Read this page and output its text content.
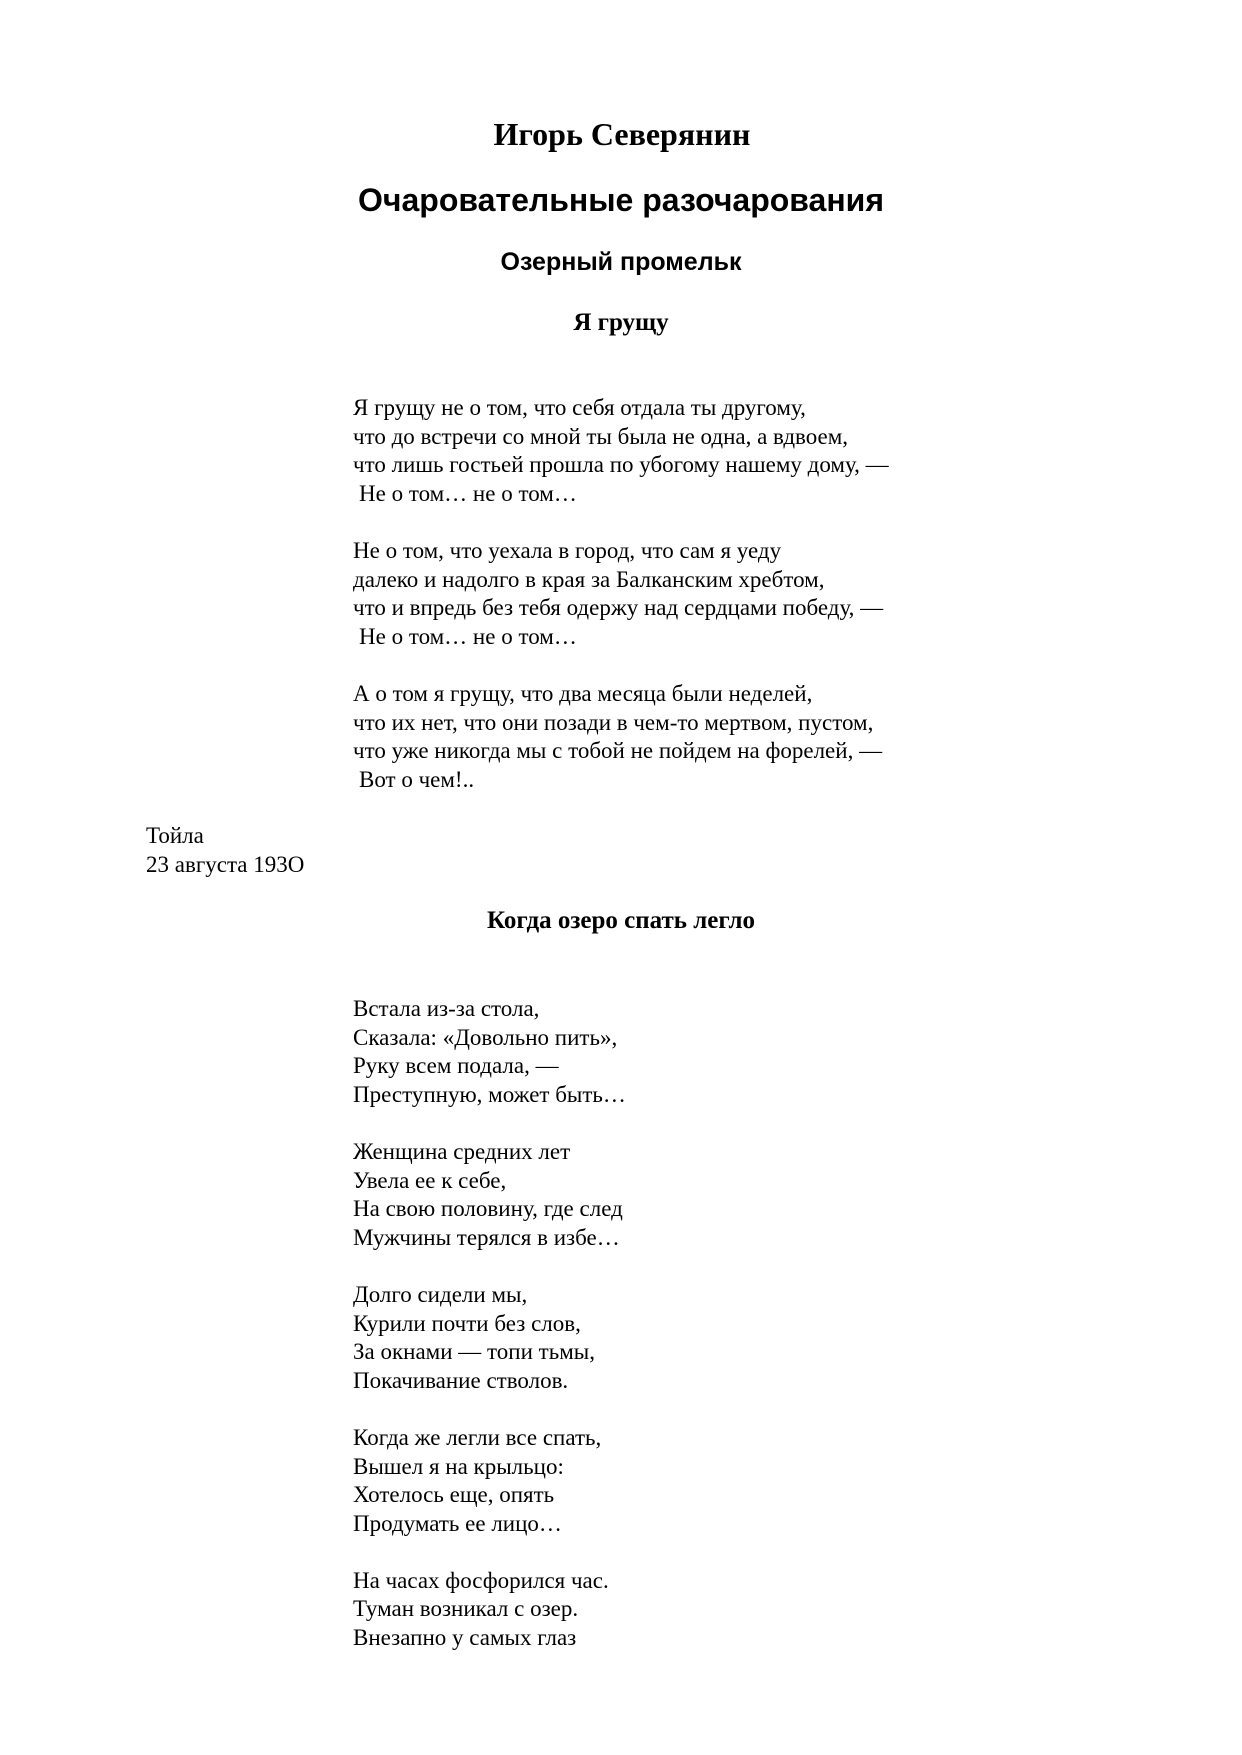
Игорь Северянин
Очаровательные разочарования
Озерный промельк
Я грущу
Я грущу не о том, что себя отдала ты другому,
что до встречи со мной ты была не одна, а вдвоем,
что лишь гостьей прошла по убогому нашему дому, —
Не о том… не о том…
Не о том, что уехала в город, что сам я уеду
далеко и надолго в края за Балканским хребтом,
что и впредь без тебя одержу над сердцами победу, —
Не о том… не о том…
А о том я грущу, что два месяца были неделей,
что их нет, что они позади в чем-то мертвом, пустом,
что уже никогда мы с тобой не пойдем на форелей, —
Вот о чем!..
Тойла
23 августа 193О
Когда озеро спать легло
Встала из-за стола,
Сказала: «Довольно пить»,
Руку всем подала, —
Преступную, может быть…
Женщина средних лет
Увела ее к себе,
На свою половину, где след
Мужчины терялся в избе…
Долго сидели мы,
Курили почти без слов,
За окнами — топи тьмы,
Покачивание стволов.
Когда же легли все спать,
Вышел я на крыльцо:
Хотелось еще, опять
Продумать ее лицо…
На часах фосфорился час.
Туман возникал с озер.
Внезапно у самых глаз
